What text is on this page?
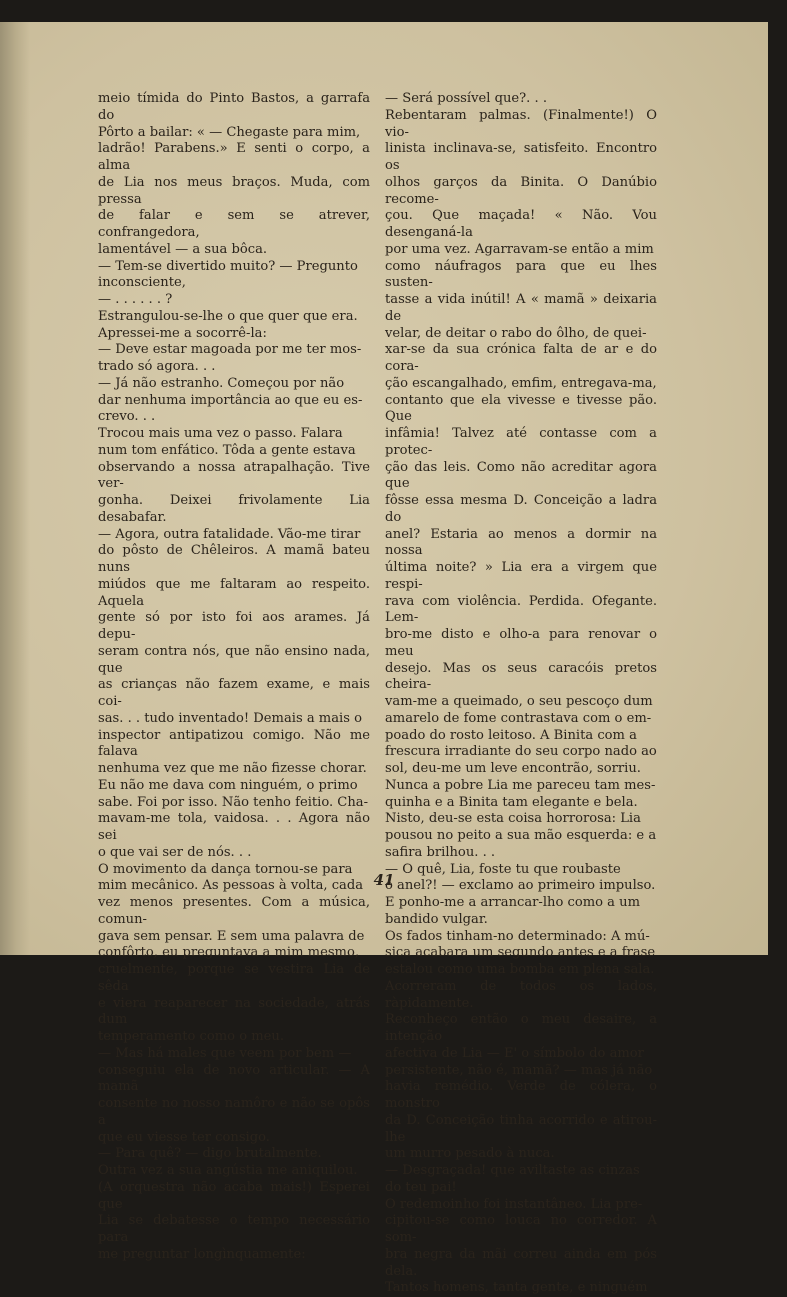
meio tímida do Pinto Bastos, a garrafa do

Pôrto a bailar: « — Chegaste para mim,

ladrão! Parabens.» E senti o corpo, a alma

de Lia nos meus braços. Muda, com pressa

de falar e sem se atrever, confrangedora,

lamentável — a sua bôca.

— Tem-se divertido muito? — Pregunto

inconsciente,

— . . . . . . ?

Estrangulou-se-lhe o que quer que era.

Apressei-me a socorrê-la:

— Deve estar magoada por me ter mos-

trado só agora. . .

— Já não estranho. Começou por não

dar nenhuma importância ao que eu es-

crevo. . .

Trocou mais uma vez o passo. Falara

num tom enfático. Tôda a gente estava

observando a nossa atrapalhação. Tive ver-

gonha. Deixei frivolamente Lia desabafar.

— Agora, outra fatalidade. Vão-me tirar

do pôsto de Chêleiros. A mamã bateu nuns

miúdos que me faltaram ao respeito. Aquela

gente só por isto foi aos arames. Já depu-

seram contra nós, que não ensino nada, que

as crianças não fazem exame, e mais coi-

sas. . . tudo inventado! Demais a mais o

inspector antipatizou comigo. Não me falava

nenhuma vez que me não fizesse chorar.

Eu não me dava com ninguém, o primo

sabe. Foi por isso. Não tenho feitio. Cha-

mavam-me tola, vaidosa. . . Agora não sei

o que vai ser de nós. . .

O movimento da dança tornou-se para

mim mecânico. As pessoas à volta, cada

vez menos presentes. Com a música, comun-

gava sem pensar. E sem uma palavra de

confôrto, eu preguntava a mim mesmo,

cruelmente, porque se vestira Lia de sêda

e viera reaparecer na sociedade, atrás dum

temperamento como o meu.

— Mas há males que veem por bem —

conseguiu ela de novo articular. — A mamã

consente no nosso namôro e não se opôs a

que eu viesse ter consigo.

— Para quê? — digo brutalmente.

Outra vez a sua angústia me aniquilou.

(A orquestra não acaba mais!) Esperei que

Lia se debatesse o tempo necessário para

me preguntar longìnquamente:

— Será possível que?. . .

Rebentaram palmas. (Finalmente!) O vio-

linista inclinava-se, satisfeito. Encontro os

olhos garços da Binita. O Danúbio recome-

çou. Que maçada! « Não. Vou desenganá-la

por uma vez. Agarravam-se então a mim

como náufragos para que eu lhes susten-

tasse a vida inútil! A « mamã » deixaria de

velar, de deitar o rabo do ôlho, de quei-

xar-se da sua crónica falta de ar e do cora-

ção escangalhado, emfim, entregava-ma,

contanto que ela vivesse e tivesse pão. Que

infâmia! Talvez até contasse com a protec-

ção das leis. Como não acreditar agora que

fôsse essa mesma D. Conceição a ladra do

anel? Estaria ao menos a dormir na nossa

última noite? » Lia era a virgem que respi-

rava com violência. Perdida. Ofegante. Lem-

bro-me disto e olho-a para renovar o meu

desejo. Mas os seus caracóis pretos cheira-

vam-me a queimado, o seu pescoço dum

amarelo de fome contrastava com o em-

poado do rosto leitoso. A Binita com a

frescura irradiante do seu corpo nado ao

sol, deu-me um leve encontrão, sorriu.

Nunca a pobre Lia me pareceu tam mes-

quinha e a Binita tam elegante e bela.

Nisto, deu-se esta coisa horrorosa: Lia

pousou no peito a sua mão esquerda: e a

safira brilhou. . .

— O quê, Lia, foste tu que roubaste

o anel?! — exclamo ao primeiro impulso.

E ponho-me a arrancar-lho como a um

bandido vulgar.

Os fados tinham-no determinado: A mú-

sica acabara um segundo antes e a frase

estalou como uma bomba em plena sala.

Acorreram de todos os lados, ràpidamente.

Reconheço então o meu desaire, a intenção

afectiva de Lia — E' o símbolo do amor

persistente, não é, mamã? — mas já não

havia remédio. Verde de cólera, o monstro

da D. Conceição tinha acorrido e atirou-lhe

um murro pesado à nuca.

— Desgraçada! que aviltaste as cinzas

do teu pai!

O redemoinho foi instantâneo. Lia pre-

cipitou-se como louca no corredor. A som-

bra negra da mãi correu ainda em pós dela.

Tantos homens, tanta gente, e ninguém

41
